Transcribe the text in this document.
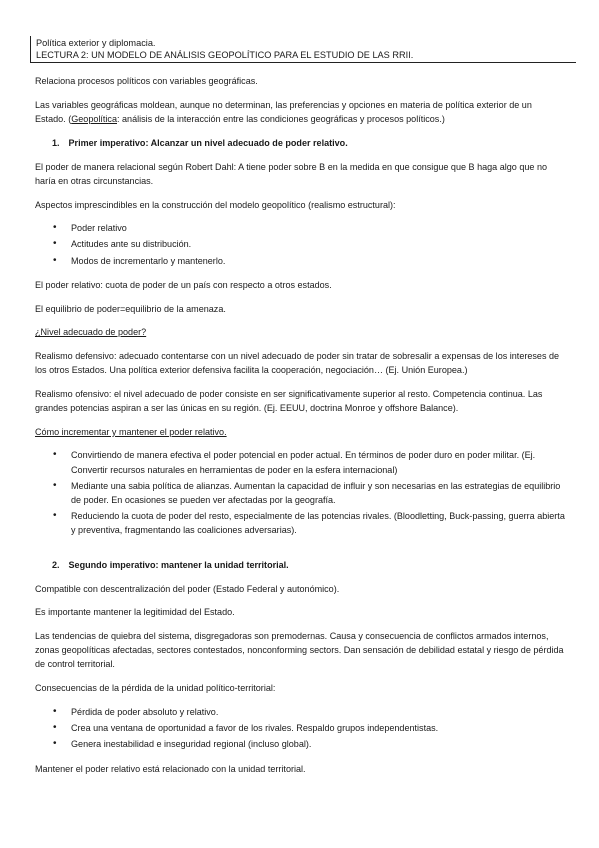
Política exterior y diplomacia.
LECTURA 2: UN MODELO DE ANÁLISIS GEOPOLÍTICO PARA EL ESTUDIO DE LAS RRII.

Relaciona procesos políticos con variables geográficas.

Las variables geográficas moldean, aunque no determinan, las preferencias y opciones en materia de política exterior de un Estado. (Geopolítica: análisis de la interacción entre las condiciones geográficas y procesos políticos.)

1. Primer imperativo: Alcanzar un nivel adecuado de poder relativo.

El poder de manera relacional según Robert Dahl: A tiene poder sobre B en la medida en que consigue que B haga algo que no haría en otras circunstancias.

Aspectos imprescindibles en la construcción del modelo geopolítico (realismo estructural):

• Poder relativo
• Actitudes ante su distribución.
• Modos de incrementarlo y mantenerlo.

El poder relativo: cuota de poder de un país con respecto a otros estados.

El equilibrio de poder=equilibrio de la amenaza.

¿Nivel adecuado de poder?

Realismo defensivo: adecuado contentarse con un nivel adecuado de poder sin tratar de sobresalir a expensas de los intereses de los otros Estados. Una política exterior defensiva facilita la cooperación, negociación… (Ej. Unión Europea.)

Realismo ofensivo: el nivel adecuado de poder consiste en ser significativamente superior al resto. Competencia continua. Las grandes potencias aspiran a ser las únicas en su región. (Ej. EEUU, doctrina Monroe y offshore Balance).

Cómo incrementar y mantener el poder relativo.

• Convirtiendo de manera efectiva el poder potencial en poder actual. En términos de poder duro en poder militar. (Ej. Convertir recursos naturales en herramientas de poder en la esfera internacional)
• Mediante una sabia política de alianzas. Aumentan la capacidad de influir y son necesarias en las estrategias de equilibrio de poder. En ocasiones se pueden ver afectadas por la geografía.
• Reduciendo la cuota de poder del resto, especialmente de las potencias rivales. (Bloodletting, Buck-passing, guerra abierta y preventiva, fragmentando las coaliciones adversarias).
2. Segundo imperativo: mantener la unidad territorial.

Compatible con descentralización del poder (Estado Federal y autonómico).

Es importante mantener la legitimidad del Estado.

Las tendencias de quiebra del sistema, disgregadoras son premodernas. Causa y consecuencia de conflictos armados internos, zonas geopolíticas afectadas, sectores contestados, nonconforming sectors. Dan sensación de debilidad estatal y riesgo de pérdida de control territorial.

Consecuencias de la pérdida de la unidad político-territorial:

• Pérdida de poder absoluto y relativo.
• Crea una ventana de oportunidad a favor de los rivales. Respaldo grupos independentistas.
• Genera inestabilidad e inseguridad regional (incluso global).

Mantener el poder relativo está relacionado con la unidad territorial.
